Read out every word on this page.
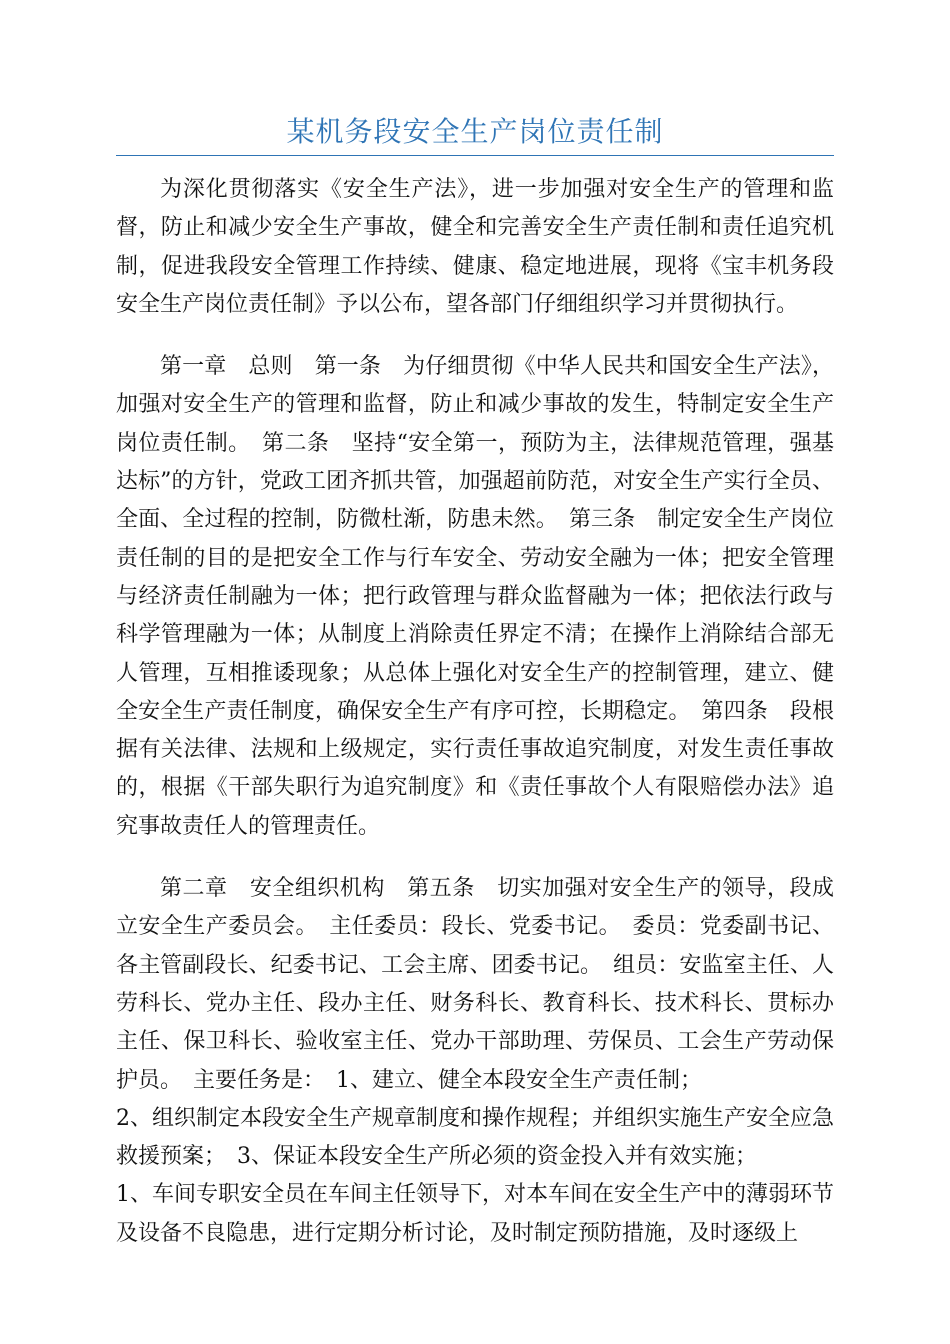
某机务段安全生产岗位责任制

为深化贯彻落实《安全生产法》，进一步加强对安全生产的管理和监督，防止和减少安全生产事故，健全和完善安全生产责任制和责任追究机制，促进我段安全管理工作持续、健康、稳定地进展，现将《宝丰机务段安全生产岗位责任制》予以公布，望各部门仔细组织学习并贯彻执行。

第一章　总则　第一条　为仔细贯彻《中华人民共和国安全生产法》，加强对安全生产的管理和监督，防止和减少事故的发生，特制定安全生产岗位责任制。　第二条　坚持“安全第一，预防为主，法律规范管理，强基达标”的方针，党政工团齐抓共管，加强超前防范，对安全生产实行全员、全面、全过程的控制，防微杜渐，防患未然。　第三条　制定安全生产岗位责任制的目的是把安全工作与行车安全、劳动安全融为一体；把安全管理与经济责任制融为一体；把行政管理与群众监督融为一体；把依法行政与科学管理融为一体；从制度上消除责任界定不清；在操作上消除结合部无人管理，互相推诿现象；从总体上强化对安全生产的控制管理，建立、健全安全生产责任制度，确保安全生产有序可控，长期稳定。　第四条　段根据有关法律、法规和上级规定，实行责任事故追究制度，对发生责任事故的，根据《干部失职行为追究制度》和《责任事故个人有限赔偿办法》追究事故责任人的管理责任。

第二章　安全组织机构　第五条　切实加强对安全生产的领导，段成立安全生产委员会。　主任委员：段长、党委书记。　委员：党委副书记、各主管副段长、纪委书记、工会主席、团委书记。　组员：安监室主任、人劳科长、党办主任、段办主任、财务科长、教育科长、技术科长、贯标办主任、保卫科长、验收室主任、党办干部助理、劳保员、工会生产劳动保护员。　主要任务是：　1、建立、健全本段安全生产责任制；

2、组织制定本段安全生产规章制度和操作规程；并组织实施生产安全应急救援预案；　3、保证本段安全生产所必须的资金投入并有效实施；

1、车间专职安全员在车间主任领导下，对本车间在安全生产中的薄弱环节及设备不良隐患，进行定期分析讨论，及时制定预防措施，及时逐级上
